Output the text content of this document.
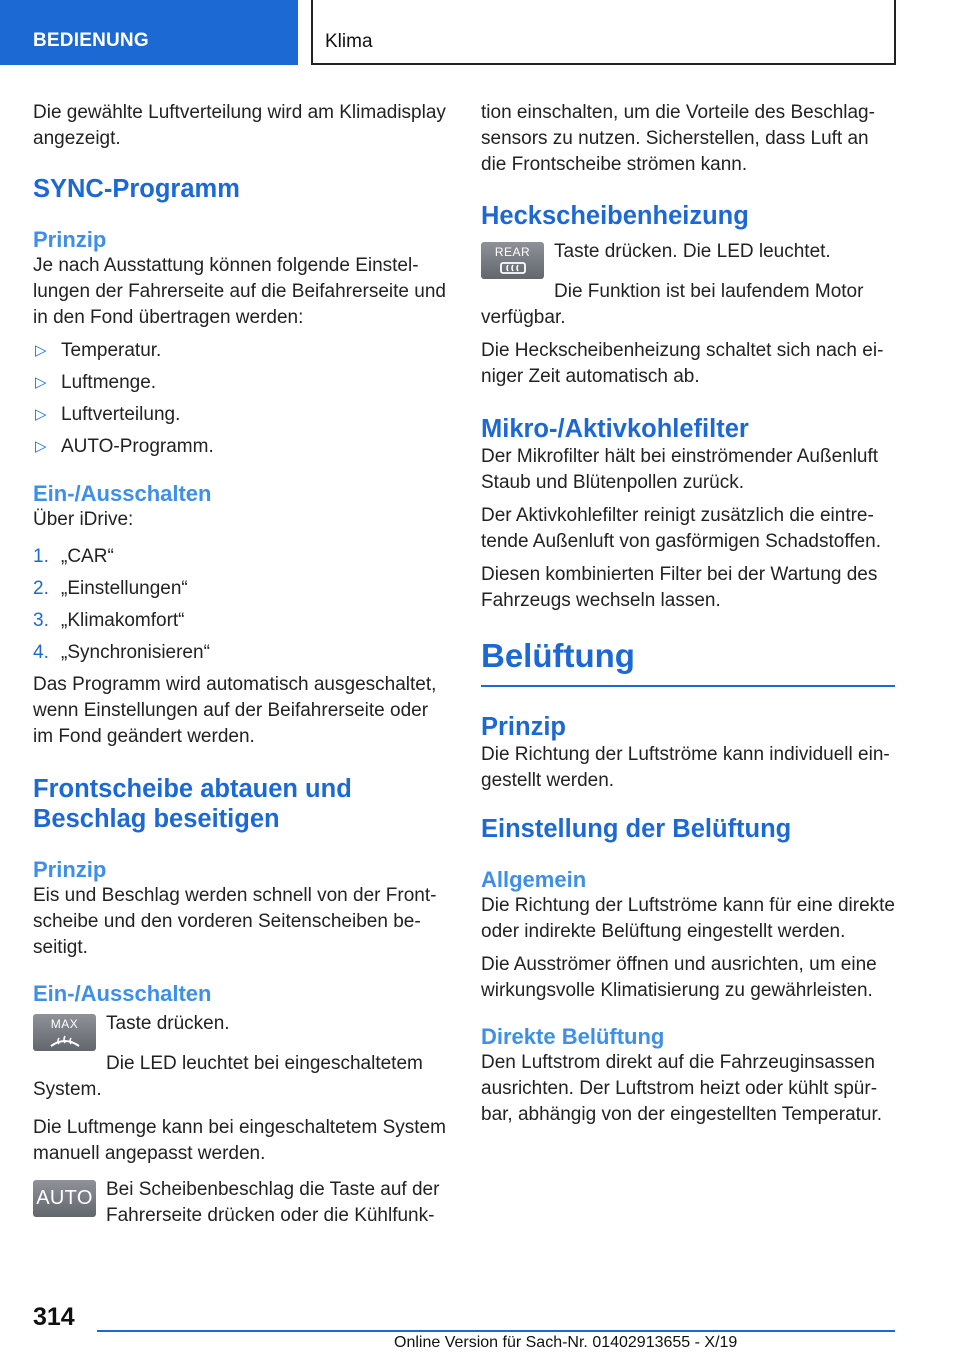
BEDIENUNG	Klima
Die gewählte Luftverteilung wird am Klimadisplay angezeigt.
SYNC-Programm
Prinzip
Je nach Ausstattung können folgende Einstellungen der Fahrerseite auf die Beifahrerseite und in den Fond übertragen werden:
▷ Temperatur.
▷ Luftmenge.
▷ Luftverteilung.
▷ AUTO-Programm.
Ein-/Ausschalten
Über iDrive:
1. „CAR“
2. „Einstellungen“
3. „Klimakomfort“
4. „Synchronisieren“
Das Programm wird automatisch ausgeschaltet, wenn Einstellungen auf der Beifahrerseite oder im Fond geändert werden.
Frontscheibe abtauen und Beschlag beseitigen
Prinzip
Eis und Beschlag werden schnell von der Frontscheibe und den vorderen Seitenscheiben beseitigt.
Ein-/Ausschalten
MAX	Taste drücken.
Die LED leuchtet bei eingeschaltetem System.
Die Luftmenge kann bei eingeschaltetem System manuell angepasst werden.
AUTO Bei Scheibenbeschlag die Taste auf der Fahrerseite drücken oder die Kühlfunk-
tion einschalten, um die Vorteile des Beschlagsensors zu nutzen. Sicherstellen, dass Luft an die Frontscheibe strömen kann.
Heckscheibenheizung
REAR	Taste drücken. Die LED leuchtet.
Die Funktion ist bei laufendem Motor verfügbar.
Die Heckscheibenheizung schaltet sich nach einiger Zeit automatisch ab.
Mikro-/Aktivkohlefilter
Der Mikrofilter hält bei einströmender Außenluft Staub und Blütenpollen zurück.
Der Aktivkohlefilter reinigt zusätzlich die eintretende Außenluft von gasförmigen Schadstoffen.
Diesen kombinierten Filter bei der Wartung des Fahrzeugs wechseln lassen.
Belüftung
Prinzip
Die Richtung der Luftströme kann individuell eingestellt werden.
Einstellung der Belüftung
Allgemein
Die Richtung der Luftströme kann für eine direkte oder indirekte Belüftung eingestellt werden.
Die Ausströmer öffnen und ausrichten, um eine wirkungsvolle Klimatisierung zu gewährleisten.
Direkte Belüftung
Den Luftstrom direkt auf die Fahrzeuginsassen ausrichten. Der Luftstrom heizt oder kühlt spürbar, abhängig von der eingestellten Temperatur.
314
Online Version für Sach-Nr. 01402913655 - X/19
